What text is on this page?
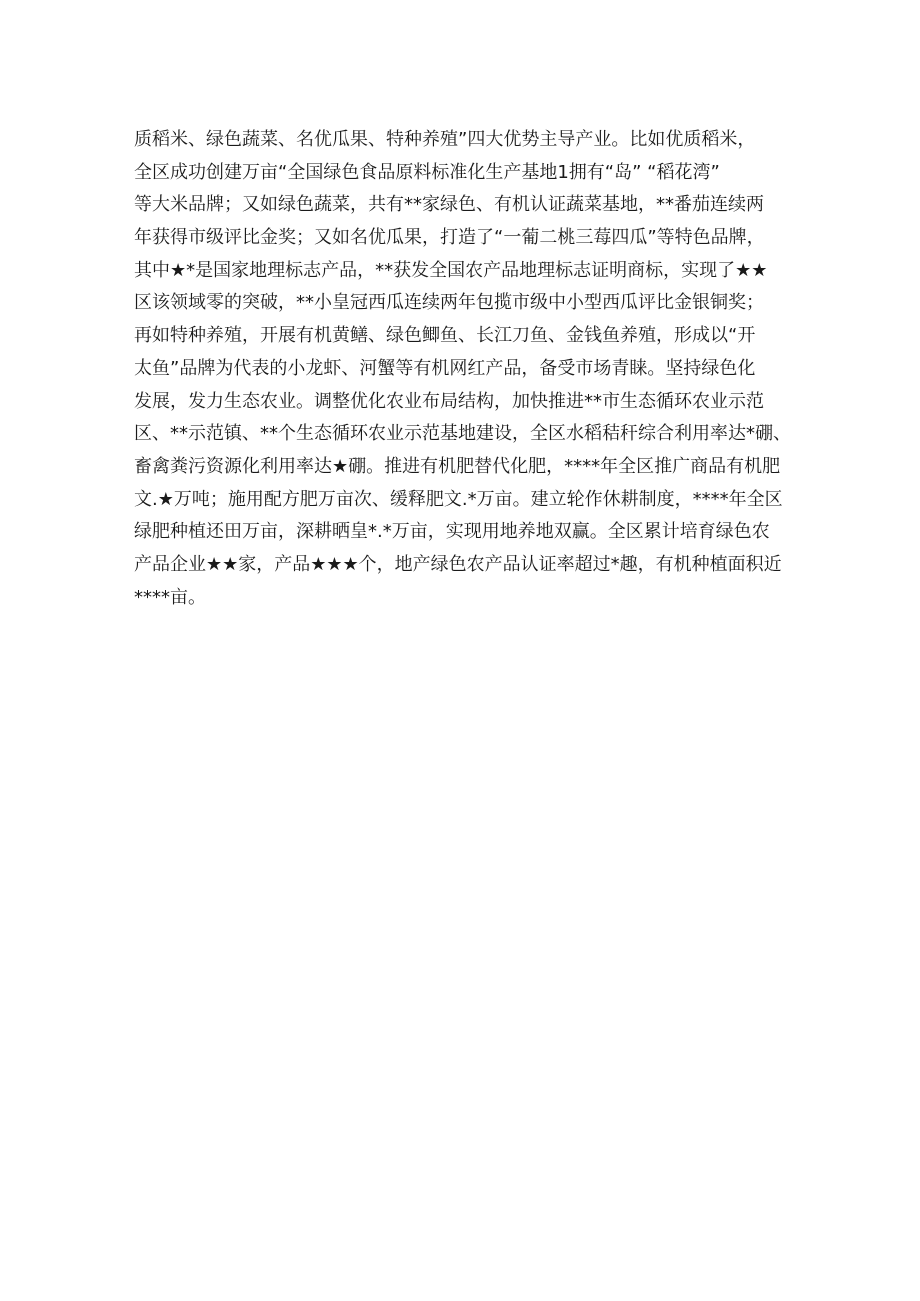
质稻米、绿色蔬菜、名优瓜果、特种养殖”四大优势主导产业。比如优质稻米，
全区成功创建万亩“全国绿色食品原料标准化生产基地1拥有“岛” “稻花湾”
等大米品牌；又如绿色蔬菜，共有**家绿色、有机认证蔬菜基地，**番茄连续两
年获得市级评比金奖；又如名优瓜果，打造了“一葡二桃三莓四瓜”等特色品牌，
其中★*是国家地理标志产品，**获发全国农产品地理标志证明商标，实现了★★
区该领域零的突破，**小皇冠西瓜连续两年包揽市级中小型西瓜评比金银铜奖；
再如特种养殖，开展有机黄鳝、绿色鲫鱼、长江刀鱼、金钱鱼养殖，形成以“开
太鱼”品牌为代表的小龙虾、河蟹等有机网红产品，备受市场青睐。坚持绿色化
发展，发力生态农业。调整优化农业布局结构，加快推进**市生态循环农业示范
区、**示范镇、**个生态循环农业示范基地建设，全区水稻秸秆综合利用率达*硼、
畜禽粪污资源化利用率达★硼。推进有机肥替代化肥，****年全区推广商品有机肥
文.★万吨；施用配方肥万亩次、缓释肥文.*万亩。建立轮作休耕制度，****年全区
绿肥种植还田万亩，深耕晒皇*.*万亩，实现用地养地双赢。全区累计培育绿色农
产品企业★★家，产品★★★个，地产绿色农产品认证率超过*趣，有机种植面积近
****亩。
